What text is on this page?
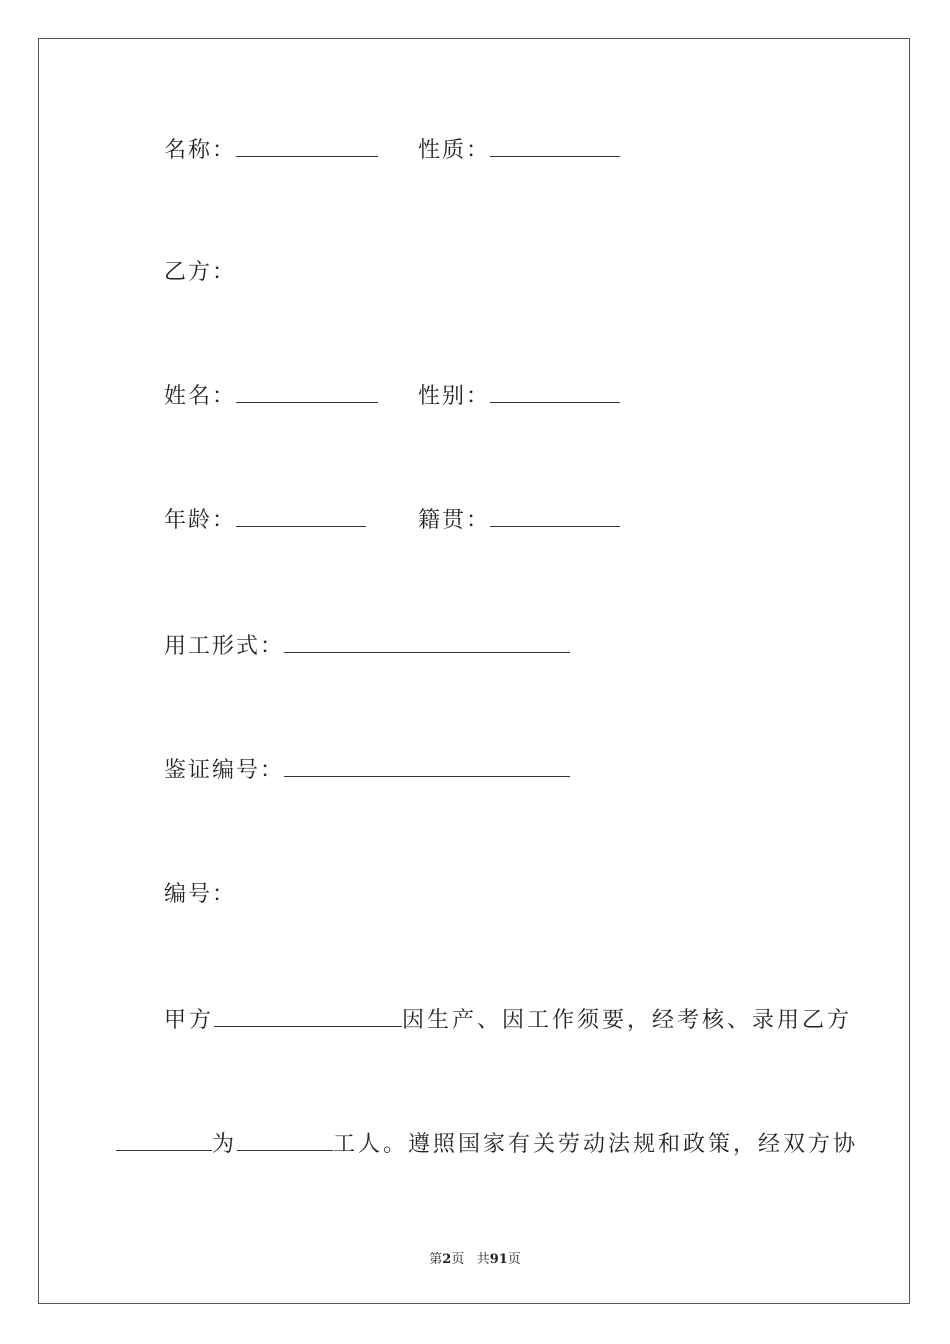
名称：	性质：
乙方：
姓名：	性别：
年龄：	籍贯：
用工形式：
鉴证编号：
编号：
甲方	因生产、因工作须要，经考核、录用乙方
为	工人。遵照国家有关劳动法规和政策，经双方协
第2页 共91页
